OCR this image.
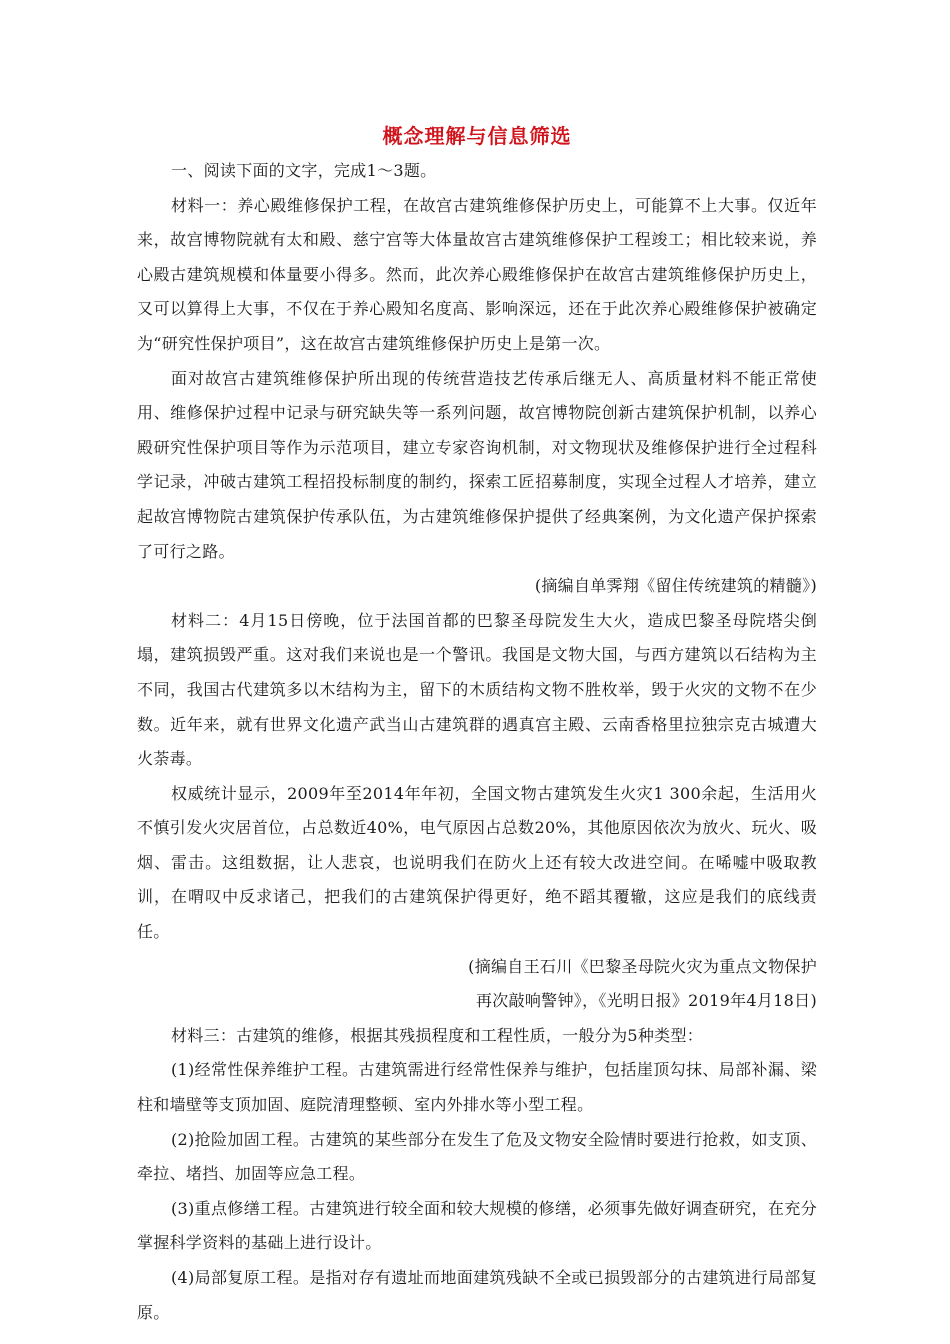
概念理解与信息筛选

一、阅读下面的文字，完成1～3题。

材料一：养心殿维修保护工程，在故宫古建筑维修保护历史上，可能算不上大事。仅近年来，故宫博物院就有太和殿、慈宁宫等大体量故宫古建筑维修保护工程竣工；相比较来说，养心殿古建筑规模和体量要小得多。然而，此次养心殿维修保护在故宫古建筑维修保护历史上，又可以算得上大事，不仅在于养心殿知名度高、影响深远，还在于此次养心殿维修保护被确定为“研究性保护项目”，这在故宫古建筑维修保护历史上是第一次。

面对故宫古建筑维修保护所出现的传统营造技艺传承后继无人、高质量材料不能正常使用、维修保护过程中记录与研究缺失等一系列问题，故宫博物院创新古建筑保护机制，以养心殿研究性保护项目等作为示范项目，建立专家咨询机制，对文物现状及维修保护进行全过程科学记录，冲破古建筑工程招投标制度的制约，探索工匠招募制度，实现全过程人才培养，建立起故宫博物院古建筑保护传承队伍，为古建筑维修保护提供了经典案例，为文化遗产保护探索了可行之路。

(摘编自单霁翔《留住传统建筑的精髓》)

材料二：4月15日傍晚，位于法国首都的巴黎圣母院发生大火，造成巴黎圣母院塔尖倒塌，建筑损毁严重。这对我们来说也是一个警讯。我国是文物大国，与西方建筑以石结构为主不同，我国古代建筑多以木结构为主，留下的木质结构文物不胜枚举，毁于火灾的文物不在少数。近年来，就有世界文化遗产武当山古建筑群的遇真宫主殿、云南香格里拉独宗克古城遭大火荼毒。

权威统计显示，2009年至2014年年初，全国文物古建筑发生火灾1 300余起，生活用火不慎引发火灾居首位，占总数近40%，电气原因占总数20%，其他原因依次为放火、玩火、吸烟、雷击。这组数据，让人悲哀，也说明我们在防火上还有较大改进空间。在唏嘘中吸取教训，在喟叹中反求诸己，把我们的古建筑保护得更好，绝不蹈其覆辙，这应是我们的底线责任。

(摘编自王石川《巴黎圣母院火灾为重点文物保护

再次敲响警钟》，《光明日报》2019年4月18日)

材料三：古建筑的维修，根据其残损程度和工程性质，一般分为5种类型：

(1)经常性保养维护工程。古建筑需进行经常性保养与维护，包括崖顶勾抹、局部补漏、梁柱和墙壁等支顶加固、庭院清理整顿、室内外排水等小型工程。

(2)抢险加固工程。古建筑的某些部分在发生了危及文物安全险情时要进行抢救，如支顶、牵拉、堵挡、加固等应急工程。

(3)重点修缮工程。古建筑进行较全面和较大规模的修缮，必须事先做好调查研究，在充分掌握科学资料的基础上进行设计。

(4)局部复原工程。是指对存有遗址而地面建筑残缺不全或已损毁部分的古建筑进行局部复原。
